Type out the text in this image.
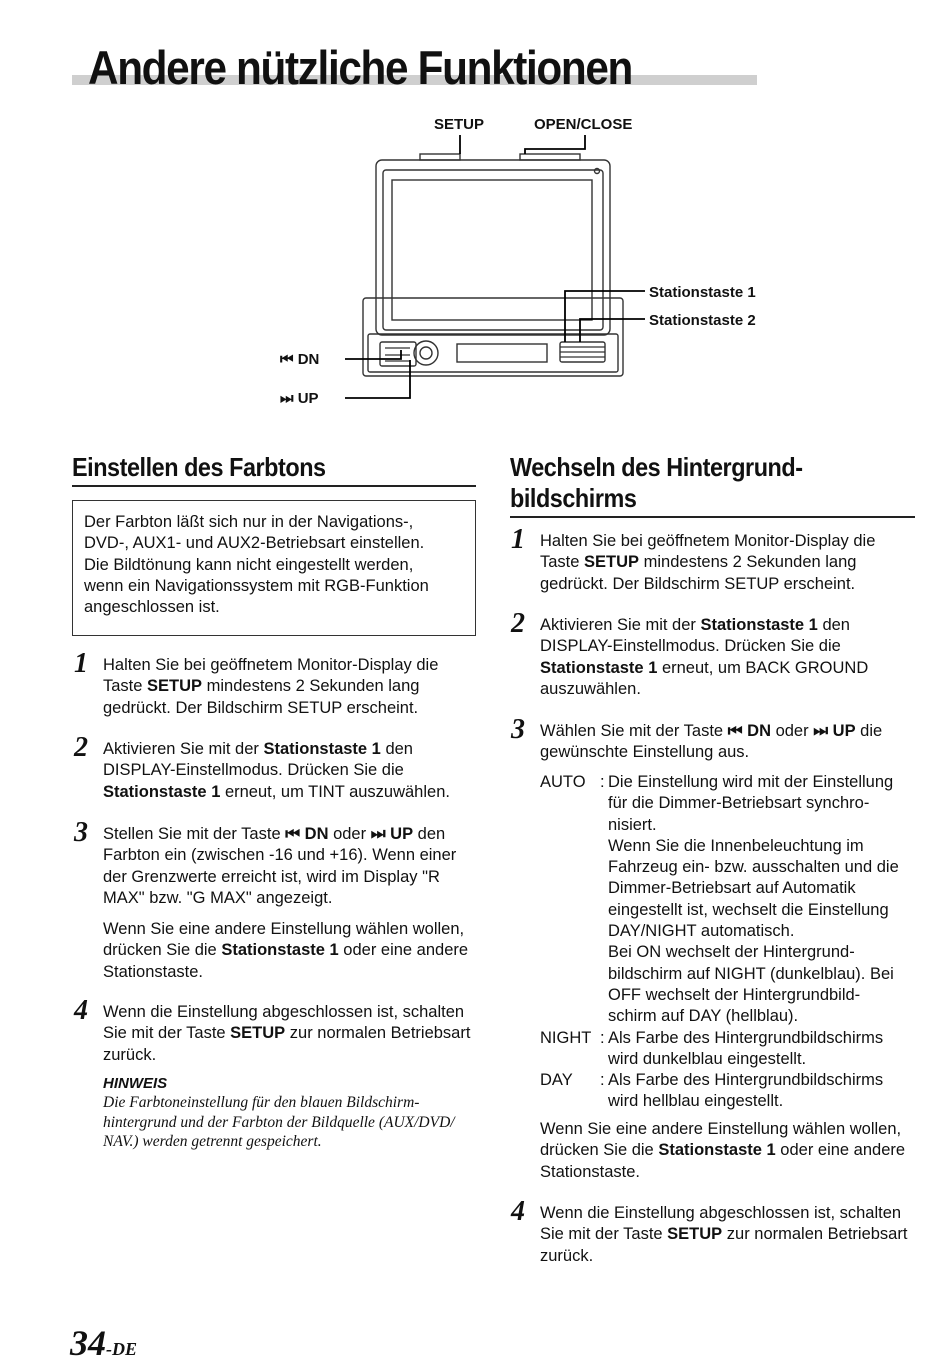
Andere nützliche Funktionen
SETUP	OPEN/CLOSE
Stationstaste 1
Stationstaste 2
⏮ DN
⏭ UP
Einstellen des Farbtons
Der Farbton läßt sich nur in der Navigations-,
DVD-, AUX1- und AUX2-Betriebsart einstellen.
Die Bildtönung kann nicht eingestellt werden,
wenn ein Navigationssystem mit RGB-Funktion
angeschlossen ist.
1 Halten Sie bei geöffnetem Monitor-Display die Taste SETUP mindestens 2 Sekunden lang gedrückt. Der Bildschirm SETUP erscheint.
2 Aktivieren Sie mit der Stationstaste 1 den DISPLAY-Einstellmodus. Drücken Sie die Stationstaste 1 erneut, um TINT auszuwählen.
3 Stellen Sie mit der Taste ⏮ DN oder ⏭ UP den Farbton ein (zwischen -16 und +16). Wenn einer der Grenzwerte erreicht ist, wird im Display "R MAX" bzw. "G MAX" angezeigt.
Wenn Sie eine andere Einstellung wählen wollen, drücken Sie die Stationstaste 1 oder eine andere Stationstaste.
4 Wenn die Einstellung abgeschlossen ist, schalten Sie mit der Taste SETUP zur normalen Betriebsart zurück.
HINWEIS
Die Farbtoneinstellung für den blauen Bildschirm-
hintergrund und der Farbton der Bildquelle (AUX/DVD/
NAV.) werden getrennt gespeichert.
Wechseln des Hintergrund-
bildschirms
1 Halten Sie bei geöffnetem Monitor-Display die Taste SETUP mindestens 2 Sekunden lang gedrückt. Der Bildschirm SETUP erscheint.
2 Aktivieren Sie mit der Stationstaste 1 den DISPLAY-Einstellmodus. Drücken Sie die Stationstaste 1 erneut, um BACK GROUND auszuwählen.
3 Wählen Sie mit der Taste ⏮ DN oder ⏭ UP die gewünschte Einstellung aus.
AUTO : Die Einstellung wird mit der Einstellung
für die Dimmer-Betriebsart synchro-
nisiert.
Wenn Sie die Innenbeleuchtung im
Fahrzeug ein- bzw. ausschalten und die
Dimmer-Betriebsart auf Automatik
eingestellt ist, wechselt die Einstellung
DAY/NIGHT automatisch.
Bei ON wechselt der Hintergrund-
bildschirm auf NIGHT (dunkelblau). Bei
OFF wechselt der Hintergrundbild-
schirm auf DAY (hellblau).
NIGHT : Als Farbe des Hintergrundbildschirms
wird dunkelblau eingestellt.
DAY	: Als Farbe des Hintergrundbildschirms
wird hellblau eingestellt.
Wenn Sie eine andere Einstellung wählen wollen, drücken Sie die Stationstaste 1 oder eine andere Stationstaste.
4 Wenn die Einstellung abgeschlossen ist, schalten Sie mit der Taste SETUP zur normalen Betriebsart zurück.
34-DE
